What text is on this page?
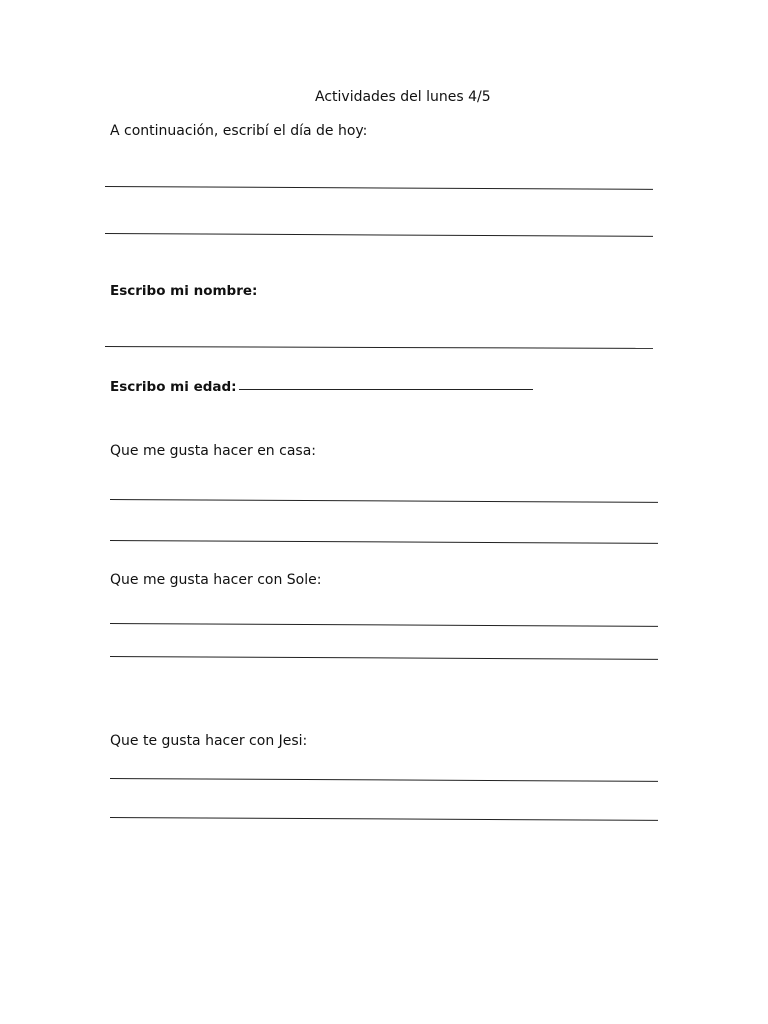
Actividades del lunes 4/5
A continuación, escribí el día de hoy:
Escribo mi nombre:
Escribo mi edad:
Que me gusta hacer en casa:
Que me gusta hacer con Sole:
Que te gusta hacer con Jesi:
